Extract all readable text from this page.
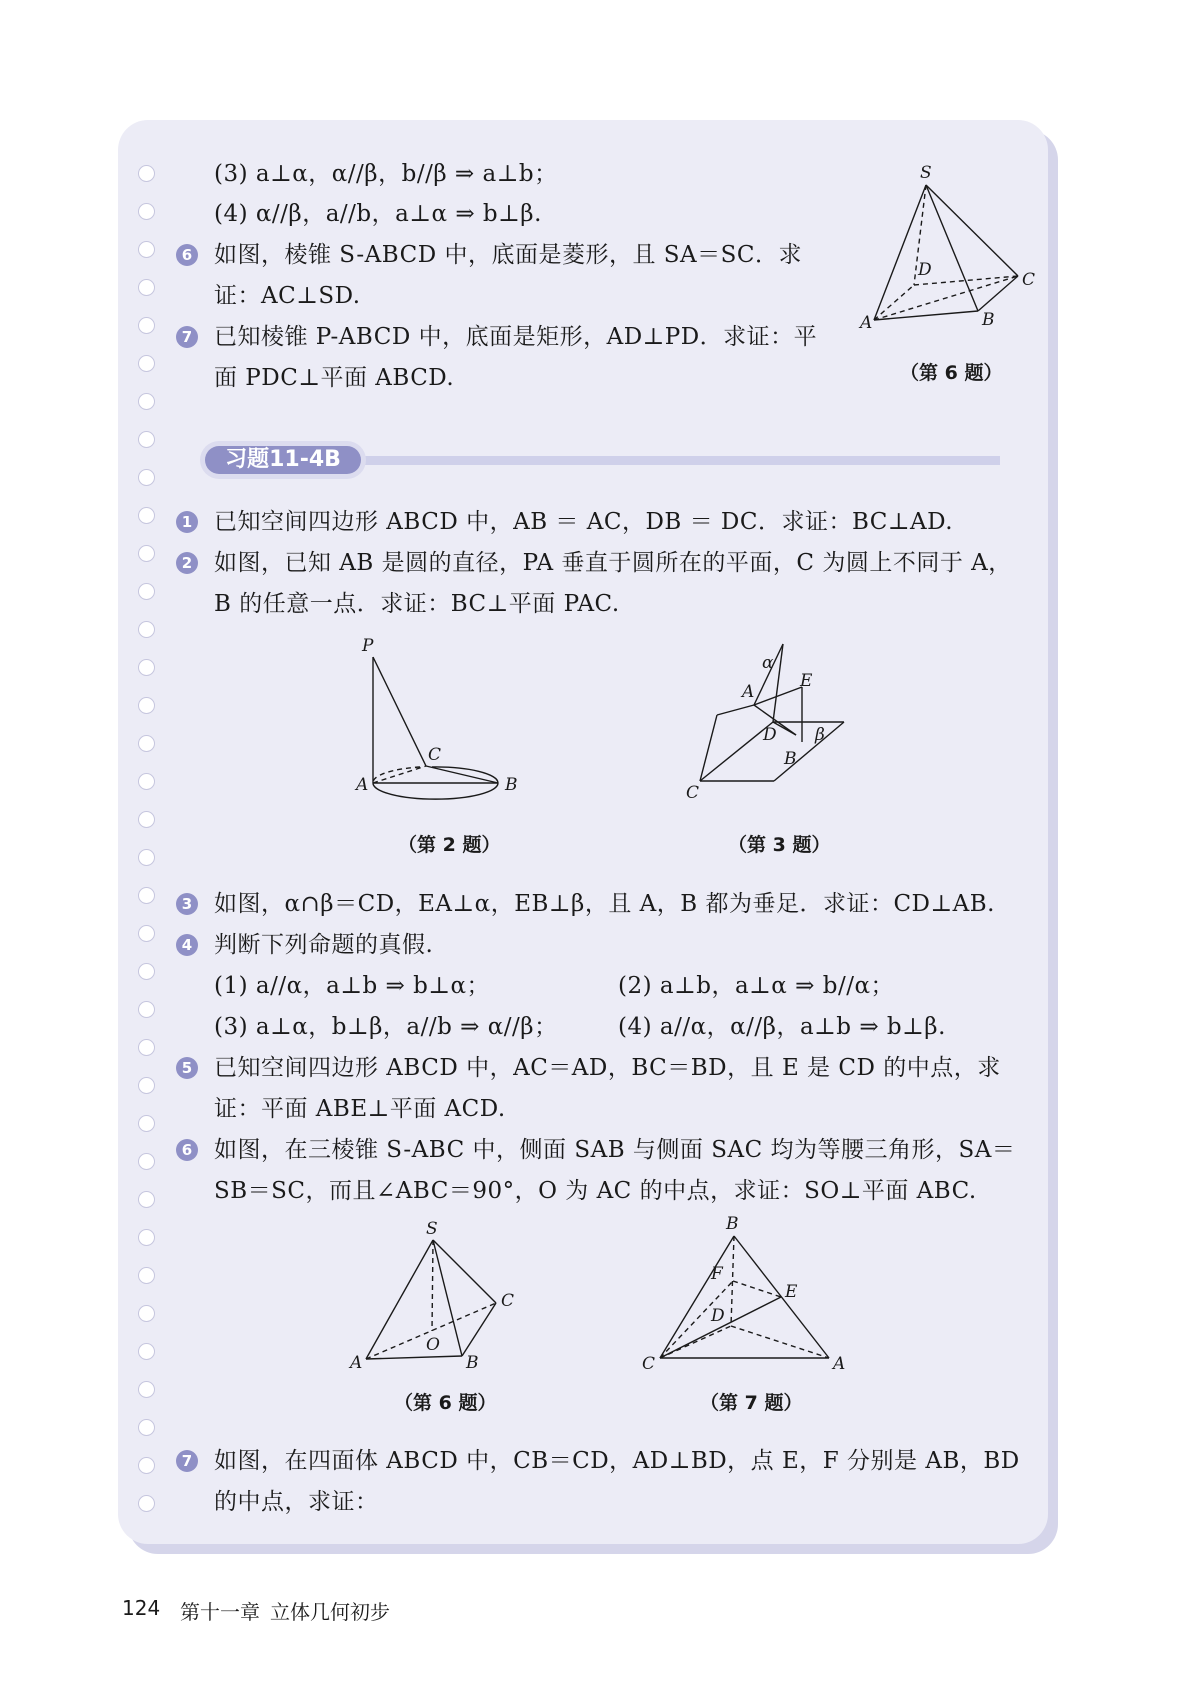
(3) a⊥α，α//β，b//β ⇒ a⊥b；
(4) α//β，a//b，a⊥α ⇒ b⊥β.
6 如图，棱锥 S-ABCD 中，底面是菱形，且 SA＝SC．求
证：AC⊥SD.
7 已知棱锥 P-ABCD 中，底面是矩形，AD⊥PD．求证：平
面 PDC⊥平面 ABCD.
S
D	C
A	B
（第 6 题）
习题11-4B
1 已知空间四边形 ABCD 中，AB ＝ AC，DB ＝ DC．求证：BC⊥AD.
2 如图，已知 AB 是圆的直径，PA 垂直于圆所在的平面，C 为圆上不同于 A，
B 的任意一点．求证：BC⊥平面 PAC.
P
C
A	B
（第 2 题）
α
A
E
D β
B
C
（第 3 题）
3 如图，α∩β＝CD，EA⊥α，EB⊥β，且 A，B 都为垂足．求证：CD⊥AB.
4 判断下列命题的真假.
(1) a//α，a⊥b ⇒ b⊥α；	(2) a⊥b，a⊥α ⇒ b//α；
(3) a⊥α，b⊥β，a//b ⇒ α//β；	(4) a//α，α//β，a⊥b ⇒ b⊥β.
5 已知空间四边形 ABCD 中，AC＝AD，BC＝BD，且 E 是 CD 的中点，求
证：平面 ABE⊥平面 ACD.
6 如图，在三棱锥 S-ABC 中，侧面 SAB 与侧面 SAC 均为等腰三角形，SA＝
SB＝SC，而且∠ABC＝90°，O 为 AC 的中点，求证：SO⊥平面 ABC.
S
C
O
A	B
（第 6 题）
B
F
E
D
C	A
（第 7 题）
7 如图，在四面体 ABCD 中，CB＝CD，AD⊥BD，点 E，F 分别是 AB，BD
的中点，求证：
124 第十一章 立体几何初步
